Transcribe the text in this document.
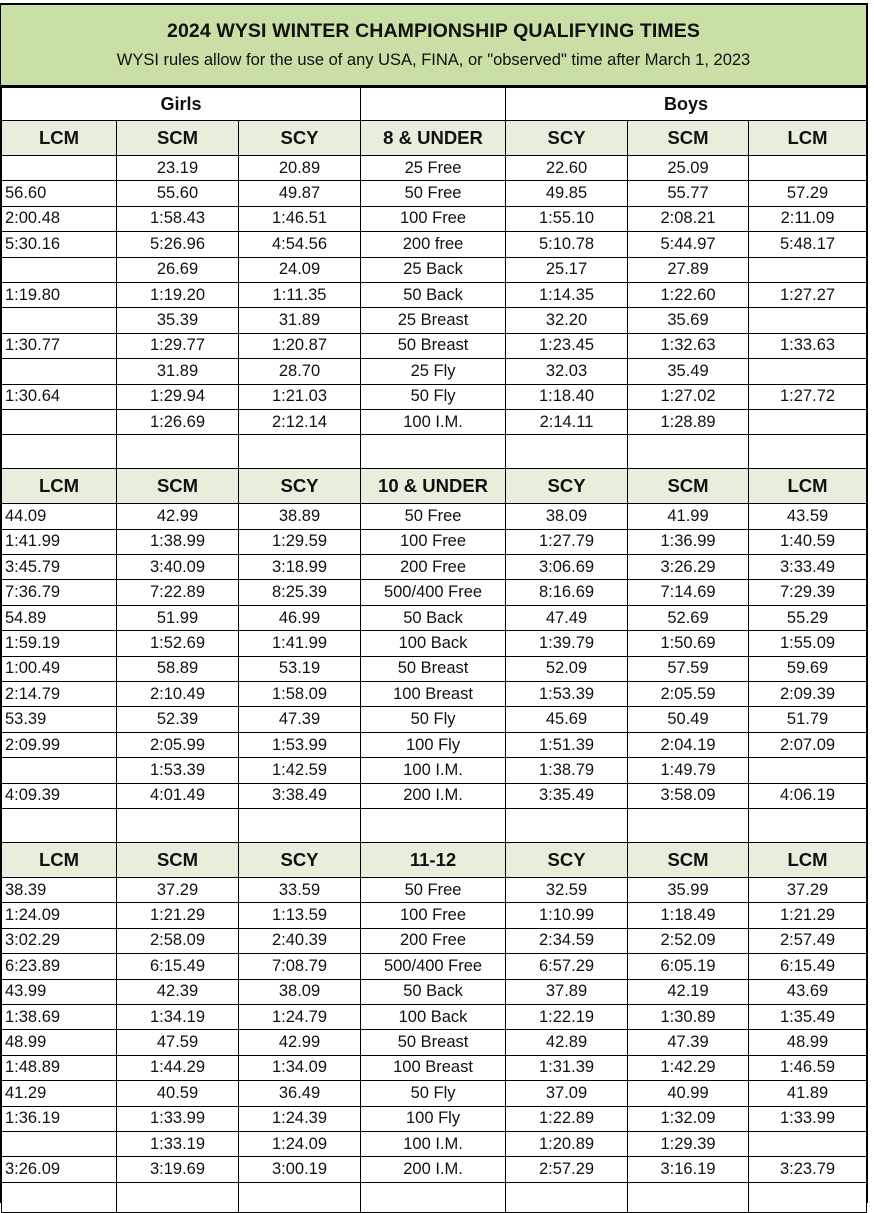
2024 WYSI WINTER CHAMPIONSHIP QUALIFYING TIMES
WYSI rules allow for the use of any USA, FINA, or "observed" time after March 1, 2023
Girls				Boys		
LCM	SCM	SCY	8 & UNDER	SCY	SCM	LCM
	23.19	20.89	25 Free	22.60	25.09	
56.60	55.60	49.87	50 Free	49.85	55.77	57.29
2:00.48	1:58.43	1:46.51	100 Free	1:55.10	2:08.21	2:11.09
5:30.16	5:26.96	4:54.56	200 free	5:10.78	5:44.97	5:48.17
	26.69	24.09	25 Back	25.17	27.89	
1:19.80	1:19.20	1:11.35	50 Back	1:14.35	1:22.60	1:27.27
	35.39	31.89	25 Breast	32.20	35.69	
1:30.77	1:29.77	1:20.87	50 Breast	1:23.45	1:32.63	1:33.63
	31.89	28.70	25 Fly	32.03	35.49	
1:30.64	1:29.94	1:21.03	50 Fly	1:18.40	1:27.02	1:27.72
	1:26.69	2:12.14	100 I.M.	2:14.11	1:28.89	

LCM	SCM	SCY	10 & UNDER	SCY	SCM	LCM
44.09	42.99	38.89	50 Free	38.09	41.99	43.59
1:41.99	1:38.99	1:29.59	100 Free	1:27.79	1:36.99	1:40.59
3:45.79	3:40.09	3:18.99	200 Free	3:06.69	3:26.29	3:33.49
7:36.79	7:22.89	8:25.39	500/400 Free	8:16.69	7:14.69	7:29.39
54.89	51.99	46.99	50 Back	47.49	52.69	55.29
1:59.19	1:52.69	1:41.99	100 Back	1:39.79	1:50.69	1:55.09
1:00.49	58.89	53.19	50 Breast	52.09	57.59	59.69
2:14.79	2:10.49	1:58.09	100 Breast	1:53.39	2:05.59	2:09.39
53.39	52.39	47.39	50 Fly	45.69	50.49	51.79
2:09.99	2:05.99	1:53.99	100 Fly	1:51.39	2:04.19	2:07.09
	1:53.39	1:42.59	100 I.M.	1:38.79	1:49.79	
4:09.39	4:01.49	3:38.49	200 I.M.	3:35.49	3:58.09	4:06.19

LCM	SCM	SCY	11-12	SCY	SCM	LCM
38.39	37.29	33.59	50 Free	32.59	35.99	37.29
1:24.09	1:21.29	1:13.59	100 Free	1:10.99	1:18.49	1:21.29
3:02.29	2:58.09	2:40.39	200 Free	2:34.59	2:52.09	2:57.49
6:23.89	6:15.49	7:08.79	500/400 Free	6:57.29	6:05.19	6:15.49
43.99	42.39	38.09	50 Back	37.89	42.19	43.69
1:38.69	1:34.19	1:24.79	100 Back	1:22.19	1:30.89	1:35.49
48.99	47.59	42.99	50 Breast	42.89	47.39	48.99
1:48.89	1:44.29	1:34.09	100 Breast	1:31.39	1:42.29	1:46.59
41.29	40.59	36.49	50 Fly	37.09	40.99	41.89
1:36.19	1:33.99	1:24.39	100 Fly	1:22.89	1:32.09	1:33.99
	1:33.19	1:24.09	100 I.M.	1:20.89	1:29.39	
3:26.09	3:19.69	3:00.19	200 I.M.	2:57.29	3:16.19	3:23.79
